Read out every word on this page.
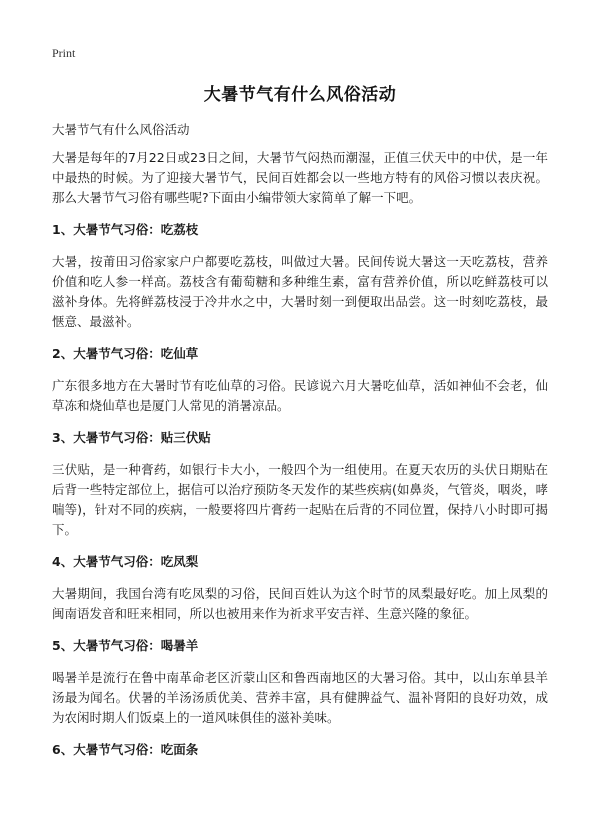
Print
大暑节气有什么风俗活动
大暑节气有什么风俗活动

大暑是每年的7月22日或23日之间，大暑节气闷热而潮湿，正值三伏天中的中伏，是一年中最热的时候。为了迎接大暑节气，民间百姓都会以一些地方特有的风俗习惯以表庆祝。那么大暑节气习俗有哪些呢?下面由小编带领大家简单了解一下吧。

1、大暑节气习俗：吃荔枝

大暑，按莆田习俗家家户户都要吃荔枝，叫做过大暑。民间传说大暑这一天吃荔枝，营养价值和吃人参一样高。荔枝含有葡萄糖和多种维生素，富有营养价值，所以吃鲜荔枝可以滋补身体。先将鲜荔枝浸于冷井水之中，大暑时刻一到便取出品尝。这一时刻吃荔枝，最惬意、最滋补。

2、大暑节气习俗：吃仙草

广东很多地方在大暑时节有吃仙草的习俗。民谚说六月大暑吃仙草，活如神仙不会老，仙草冻和烧仙草也是厦门人常见的消暑凉品。

3、大暑节气习俗：贴三伏贴

三伏贴，是一种膏药，如银行卡大小，一般四个为一组使用。在夏天农历的头伏日期贴在后背一些特定部位上，据信可以治疗预防冬天发作的某些疾病(如鼻炎，气管炎，咽炎，哮喘等)，针对不同的疾病，一般要将四片膏药一起贴在后背的不同位置，保持八小时即可揭下。

4、大暑节气习俗：吃凤梨

大暑期间，我国台湾有吃凤梨的习俗，民间百姓认为这个时节的凤梨最好吃。加上凤梨的闽南语发音和旺来相同，所以也被用来作为祈求平安吉祥、生意兴隆的象征。

5、大暑节气习俗：喝暑羊

喝暑羊是流行在鲁中南革命老区沂蒙山区和鲁西南地区的大暑习俗。其中，以山东单县羊汤最为闻名。伏暑的羊汤汤质优美、营养丰富，具有健脾益气、温补肾阳的良好功效，成为农闲时期人们饭桌上的一道风味俱佳的滋补美味。

6、大暑节气习俗：吃面条
